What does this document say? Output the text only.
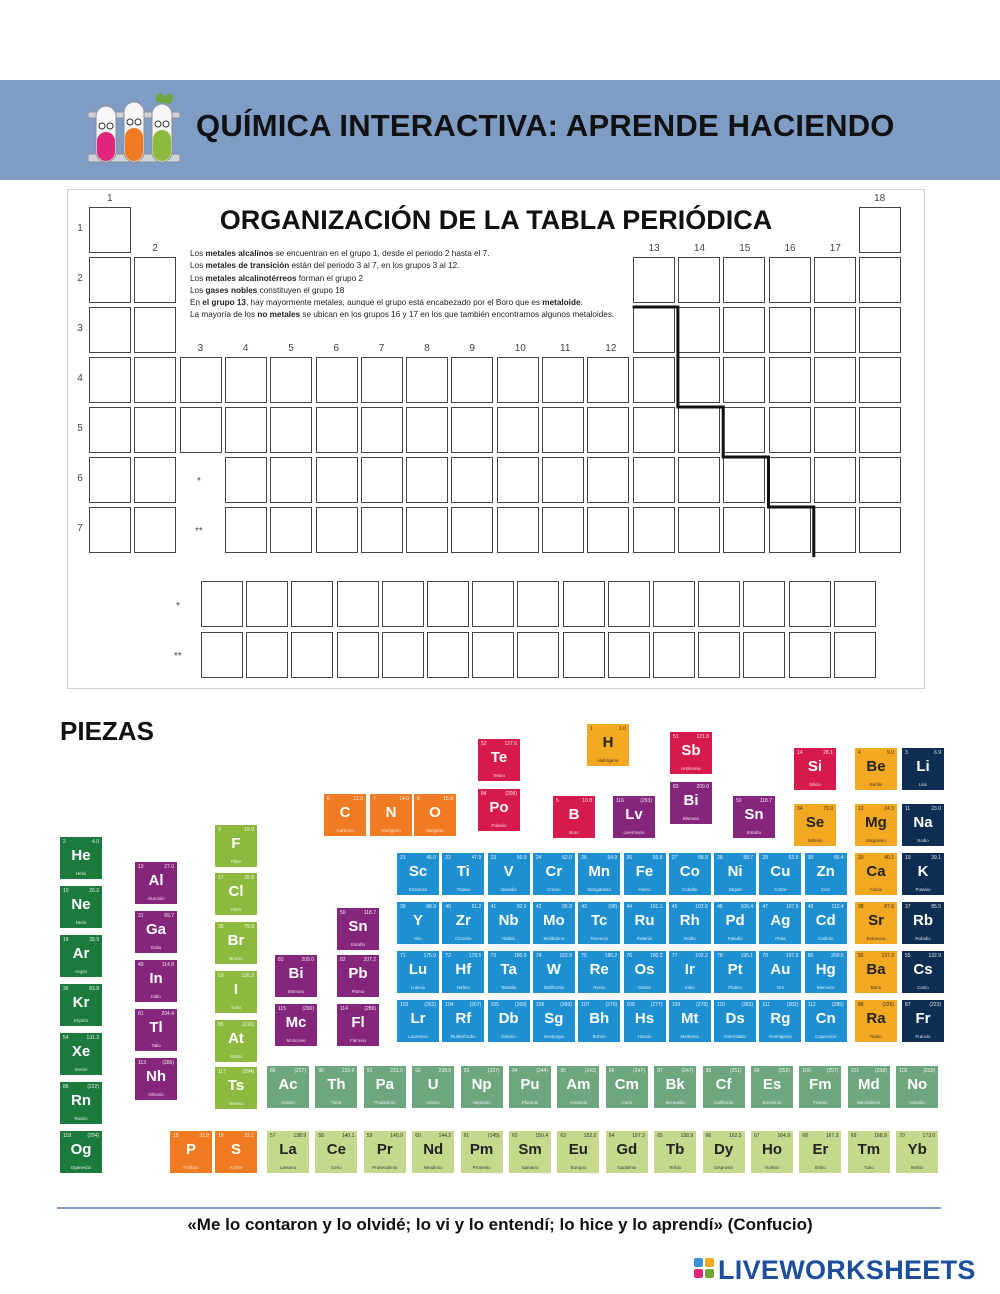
QUÍMICA INTERACTIVA: APRENDE HACIENDO
1
2
3	4	5	6	7	8	9	10	11	12
13	14	15	16	17
18
1
2
3
4
5
6
7
*
**
*
**
ORGANIZACIÓN DE LA TABLA PERIÓDICA
Los metales alcalinos se encuentran en el grupo 1, desde el periodo 2 hasta el 7.
Los metales de transición están del periodo 3 al 7, en los grupos 3 al 12.
Los metales alcalinotérreos forman el grupo 2
Los gases nobles constituyen el grupo 18
En el grupo 13, hay mayormente metales, aunque el grupo está encabezado por el Boro que es metaloide.
La mayoría de los no metales se ubican en los grupos 16 y 17 en los que también encontramos algunos metaloides.
PIEZAS	1	1.0
H
Hidrógeno
52	127.6
Te
Teluro
51	121.8
Sb
Antimonio
14	28.1
Si
Silicio
4	9.0
Be
Berilio
3	6.9
Li
Litio
6	12.0
C
Carbono
7	14.0
N
Nitrógeno
8	15.9
O
Oxígeno
84	(209)
Po
Polonio
5	10.8
B
Boro
116	(293)
Lv
Livermorio
83	209.0
Bi
Bismuto
50	118.7
Sn
Estaño
34	79.0
Se
Selenio
12	24.3
Mg
Magnesio
11	23.0
Na
Sodio
9	19.0
F
Flúor
2	4.0
He
Helio
17	35.5
Cl
Cloro
10	20.2
Ne
Neón
13	27.0
Al
Aluminio
31	69.7
Ga
Galio
35	79.9
Br
Bromo
18	39.9
Ar
Argón
49	114.8
In
Indio
53	126.9
I
Yodo
36	83.8
Kr
Kriptón
81	204.4
Tl
Talio
85	(210)
At
Astato
54	131.3
Xe
Xenón
113	(286)
Nh
Nihonio
117	(294)
Ts
Teneso
86	(222)
Rn
Radón
118	(294)
Og
Oganesón
83	209.0
Bi
Bismuto
82	207.2
Pb
Plomo
50	118.7
Sn
Estaño
115	(290)
Mc
Moscovio
114	(289)
Fl
Flerovio
21	45.0
Sc
Escandio
22	47.9
Ti
Titanio
23	50.9
V
Vanadio
24	52.0
Cr
Cromo
25	54.9
Mn
Manganeso
26	55.8
Fe
Hierro
27	58.9
Co
Cobalto
28	58.7
Ni
Níquel
29	63.5
Cu
Cobre
30	65.4
Zn
Cinc
20	40.1
Ca
Calcio
19	39.1
K
Potasio
39	88.9
Y
Itrio
40	91.2
Zr
Circonio
41	92.9
Nb
Niobio
42	95.9
Mo
Molibdeno
43	(98)
Tc
Tecnecio
44	101.1
Ru
Rutenio
45	102.9
Rh
Rodio
46	106.4
Pd
Paladio
47	107.9
Ag
Plata
48	112.4
Cd
Cadmio
38	87.6
Sr
Estroncio
37	85.5
Rb
Rubidio
71	175.0
Lu
Lutecio
72	178.5
Hf
Hafnio
73	180.9
Ta
Tantalio
74	183.8
W
Wolframio
75	186.2
Re
Renio
76	190.2
Os
Osmio
77	192.2
Ir
Iridio
78	195.1
Pt
Platino
79	197.0
Au
Oro
80	200.6
Hg
Mercurio
56	137.3
Ba
Bario
55	132.9
Cs
Cesio
103	(262)
Lr
Laurencio
104	(267)
Rf
Rutherfordio
105	(268)
Db
Dubnio
106	(269)
Sg
Seaborgio
107	(270)
Bh
Bohrio
108	(277)
Hs
Hassio
109	(278)
Mt
Meitnerio
110	(281)
Ds
Darmstatio
111	(282)
Rg
Roentgenio
112	(285)
Cn
Copernicio
88	(226)
Ra
Radio
87	(223)
Fr
Francio
89	(227)
Ac
Actinio
90	232.0
Th
Torio
91	231.0
Pa
Protactinio
92	238.0
U
Uranio
93	(237)
Np
Neptunio
94	(244)
Pu
Plutonio
95	(243)
Am
Americio
96	(247)
Cm
Curio
97	(247)
Bk
Berquelio
98	(251)
Cf
Californio
99	(252)
Es
Einstenio
100	(257)
Fm
Fermio
101	(258)
Md
Mendelevio
102	(259)
No
Nobelio
15	31.0
P
Fósforo
16	32.1
S
Azufre
57	138.9
La
Lantano
58	140.1
Ce
Cerio
59	140.9
Pr
Praseodimio
60	144.2
Nd
Neodimio
61	(145)
Pm
Prometio
62	150.4
Sm
Samario
63	152.0
Eu
Europio
64	157.3
Gd
Gadolinio
65	158.9
Tb
Terbio
66	162.5
Dy
Disprosio
67	164.9
Ho
Holmio
68	167.3
Er
Erbio
69	168.9
Tm
Tulio
70	173.0
Yb
Iterbio
«Me lo contaron y lo olvidé; lo vi y lo entendí; lo hice y lo aprendí» (Confucio)
LIVEWORKSHEETS
